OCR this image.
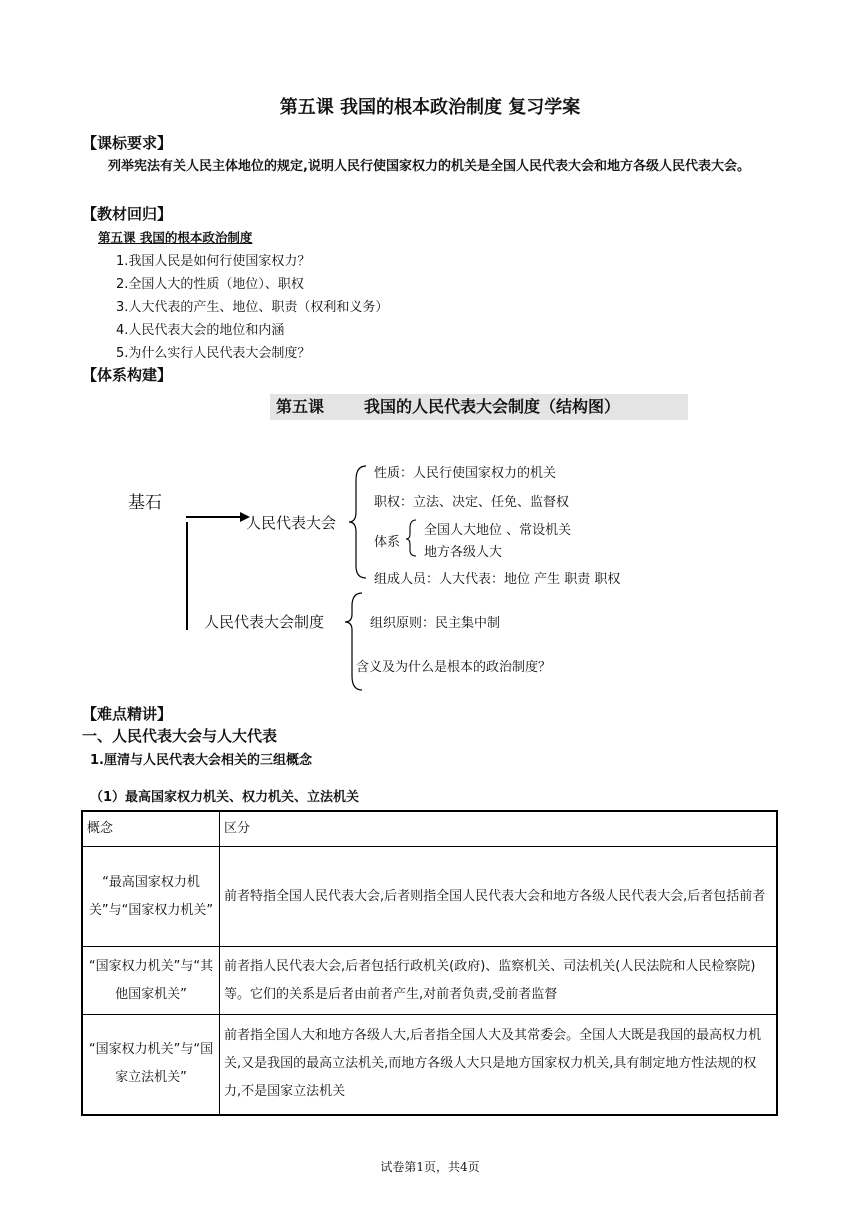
第五课 我国的根本政治制度 复习学案
【课标要求】
列举宪法有关人民主体地位的规定,说明人民行使国家权力的机关是全国人民代表大会和地方各级人民代表大会。
【教材回归】
第五课 我国的根本政治制度
1.我国人民是如何行使国家权力？
2.全国人大的性质（地位）、职权
3.人大代表的产生、地位、职责（权利和义务）
4.人民代表大会的地位和内涵
5.为什么实行人民代表大会制度？
【体系构建】
第五课 我国的人民代表大会制度（结构图）
基石
人民代表大会
性质：人民行使国家权力的机关
职权：立法、决定、任免、监督权
体系
全国人大地位 、常设机关
地方各级人大
组成人员：人大代表：地位 产生 职责 职权
人民代表大会制度	组织原则：民主集中制
含义及为什么是根本的政治制度？
【难点精讲】
一、人民代表大会与人大代表
1.厘清与人民代表大会相关的三组概念
（1）最高国家权力机关、权力机关、立法机关
概念	区分
“最高国家权力机关”与“国家权力机关”	前者特指全国人民代表大会,后者则指全国人民代表大会和地方各级人民代表大会,后者包括前者
“国家权力机关”与“其他国家机关”	前者指人民代表大会,后者包括行政机关(政府)、监察机关、司法机关(人民法院和人民检察院)等。它们的关系是后者由前者产生,对前者负责,受前者监督
“国家权力机关”与“国家立法机关”	前者指全国人大和地方各级人大,后者指全国人大及其常委会。全国人大既是我国的最高权力机关,又是我国的最高立法机关,而地方各级人大只是地方国家权力机关,具有制定地方性法规的权力,不是国家立法机关
试卷第1页，共4页
